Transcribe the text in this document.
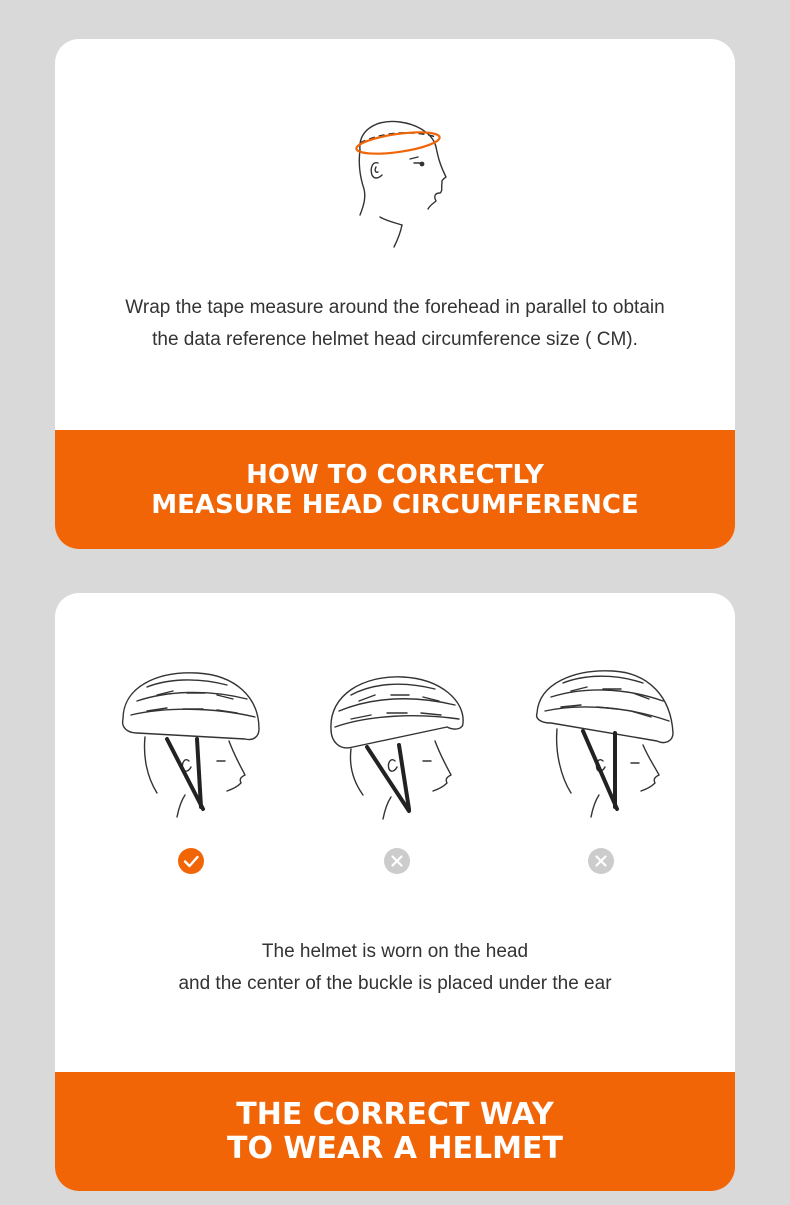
Wrap the tape measure around the forehead in parallel to obtain
the data reference helmet head circumference size ( CM).

HOW TO CORRECTLY
MEASURE HEAD CIRCUMFERENCE

The helmet is worn on the head
and the center of the buckle is placed under the ear

THE CORRECT WAY
TO WEAR A HELMET
